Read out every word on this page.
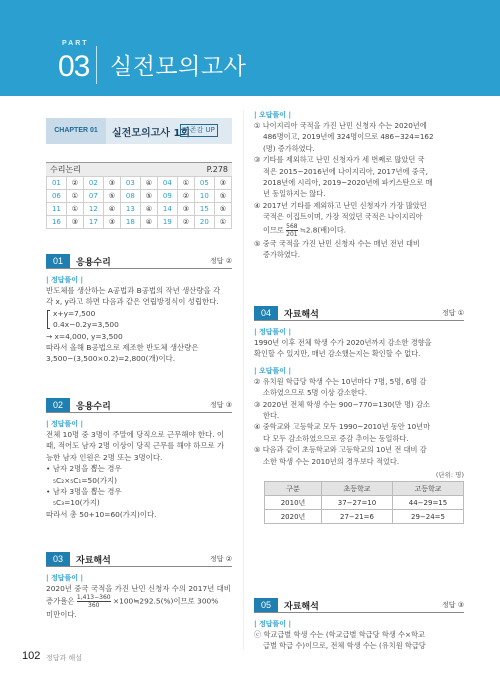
PART
03 실전모의고사
CHAPTER 01	실전모의고사 1회
자존감 UP
수리논리	P.278
01	②	02	③	03	④	04	①	05	③
06	①	07	⑤	08	⑤	09	②	10	⑤
11	①	12	④	13	④	14	③	15	⑤
16	③	17	③	18	④	19	②	20	①
01	응용수리	정답 ②
| 정답풀이 |
반도체를 생산하는 A공법과 B공법의 작년 생산량을 각
각 x, y라고 하면 다음과 같은 연립방정식이 성립한다.
x+y=7,500
0.4x−0.2y=3,500
→ x=4,000, y=3,500
따라서 올해 B공법으로 제조한 반도체 생산량은
3,500−(3,500×0.2)=2,800(개)이다.
02	응용수리	정답 ③
| 정답풀이 |
전체 10명 중 3명이 주말에 당직으로 근무해야 한다. 이
때, 적어도 남자 2명 이상이 당직 근무를 해야 하므로 가
능한 남자 인원은 2명 또는 3명이다.
• 남자 2명을 뽑는 경우
₅C₂×₅C₁=50(가지)
• 남자 3명을 뽑는 경우
₅C₃=10(가지)
따라서 총 50+10=60(가지)이다.
03	자료해석	정답 ②
| 정답풀이 |
2020년 중국 국적을 가진 난민 신청자 수의 2017년 대비
증가율은 $\frac{1,413-360}{360}$ ×100≒292.5(%)이므로 300%
미만이다.
| 오답풀이 |
① 나이지리아 국적을 가진 난민 신청자 수는 2020년에
486명이고, 2019년에 324명이므로 486−324=162
(명) 증가하였다.
③ 기타를 제외하고 난민 신청자가 세 번째로 많았던 국
적은 2015~2016년에 나이지리아, 2017년에 중국,
2018년에 시리아, 2019~2020년에 파키스탄으로 매
년 동일하지는 않다.
④ 2017년 기타를 제외하고 난민 신청자가 가장 많았던
국적은 이집트이며, 가장 적었던 국적은 나이지리아
이므로 $\frac{568}{201}$ ≒2.8(배)이다.
⑤ 중국 국적을 가진 난민 신청자 수는 매년 전년 대비
증가하였다.
04	자료해석	정답 ①
| 정답풀이 |
1990년 이후 전체 학생 수가 2020년까지 감소한 경향을
확인할 수 있지만, 매년 감소했는지는 확인할 수 없다.
| 오답풀이 |
② 유치원 학급당 학생 수는 10년마다 7명, 5명, 6명 감
소하였으므로 5명 이상 감소한다.
③ 2020년 전체 학생 수는 900−770=130(만 명) 감소
한다.
④ 중학교와 고등학교 모두 1990~2010년 동안 10년마
다 모두 감소하였으므로 증감 추이는 동일하다.
⑤ 다음과 같이 초등학교와 고등학교의 10년 전 대비 감
소한 학생 수는 2010년의 경우보다 적었다.
(단위: 명)
구분	초등학교	고등학교
2010년	37−27=10	44−29=15
2020년	27−21=6	29−24=5
05	자료해석	정답 ③
| 정답풀이 |
ⓒ 학교급별 학생 수는 (학교급별 학급당 학생 수×학교
급별 학급 수)이므로, 전체 학생 수는 (유치원 학급당
102 정답과 해설
